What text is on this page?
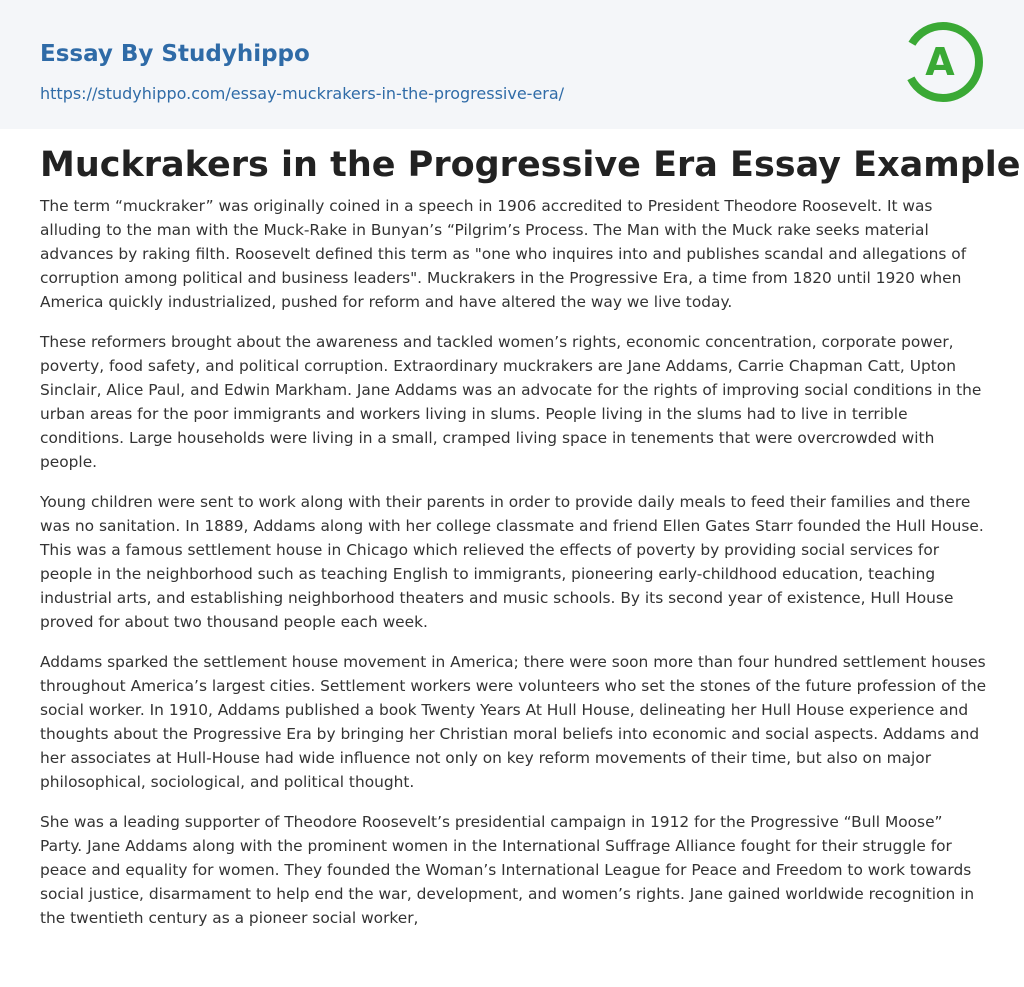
Essay By Studyhippo
https://studyhippo.com/essay-muckrakers-in-the-progressive-era/
A
Muckrakers in the Progressive Era Essay Example

The term “muckraker” was originally coined in a speech in 1906 accredited to President Theodore Roosevelt. It was alluding to the man with the Muck-Rake in Bunyan’s “Pilgrim’s Process. The Man with the Muck rake seeks material advances by raking filth. Roosevelt defined this term as "one who inquires into and publishes scandal and allegations of corruption among political and business leaders". Muckrakers in the Progressive Era, a time from 1820 until 1920 when America quickly industrialized, pushed for reform and have altered the way we live today.

These reformers brought about the awareness and tackled women’s rights, economic concentration, corporate power, poverty, food safety, and political corruption. Extraordinary muckrakers are Jane Addams, Carrie Chapman Catt, Upton Sinclair, Alice Paul, and Edwin Markham. Jane Addams was an advocate for the rights of improving social conditions in the urban areas for the poor immigrants and workers living in slums. People living in the slums had to live in terrible conditions. Large households were living in a small, cramped living space in tenements that were overcrowded with people.

Young children were sent to work along with their parents in order to provide daily meals to feed their families and there was no sanitation. In 1889, Addams along with her college classmate and friend Ellen Gates Starr founded the Hull House. This was a famous settlement house in Chicago which relieved the effects of poverty by providing social services for people in the neighborhood such as teaching English to immigrants, pioneering early-childhood education, teaching industrial arts, and establishing neighborhood theaters and music schools. By its second year of existence, Hull House proved for about two thousand people each week.

Addams sparked the settlement house movement in America; there were soon more than four hundred settlement houses throughout America’s largest cities. Settlement workers were volunteers who set the stones of the future profession of the social worker. In 1910, Addams published a book Twenty Years At Hull House, delineating her Hull House experience and thoughts about the Progressive Era by bringing her Christian moral beliefs into economic and social aspects. Addams and her associates at Hull-House had wide influence not only on key reform movements of their time, but also on major philosophical, sociological, and political thought.

She was a leading supporter of Theodore Roosevelt’s presidential campaign in 1912 for the Progressive “Bull Moose” Party. Jane Addams along with the prominent women in the International Suffrage Alliance fought for their struggle for peace and equality for women. They founded the Woman’s International League for Peace and Freedom to work towards social justice, disarmament to help end the war, development, and women’s rights. Jane gained worldwide recognition in the twentieth century as a pioneer social worker,
